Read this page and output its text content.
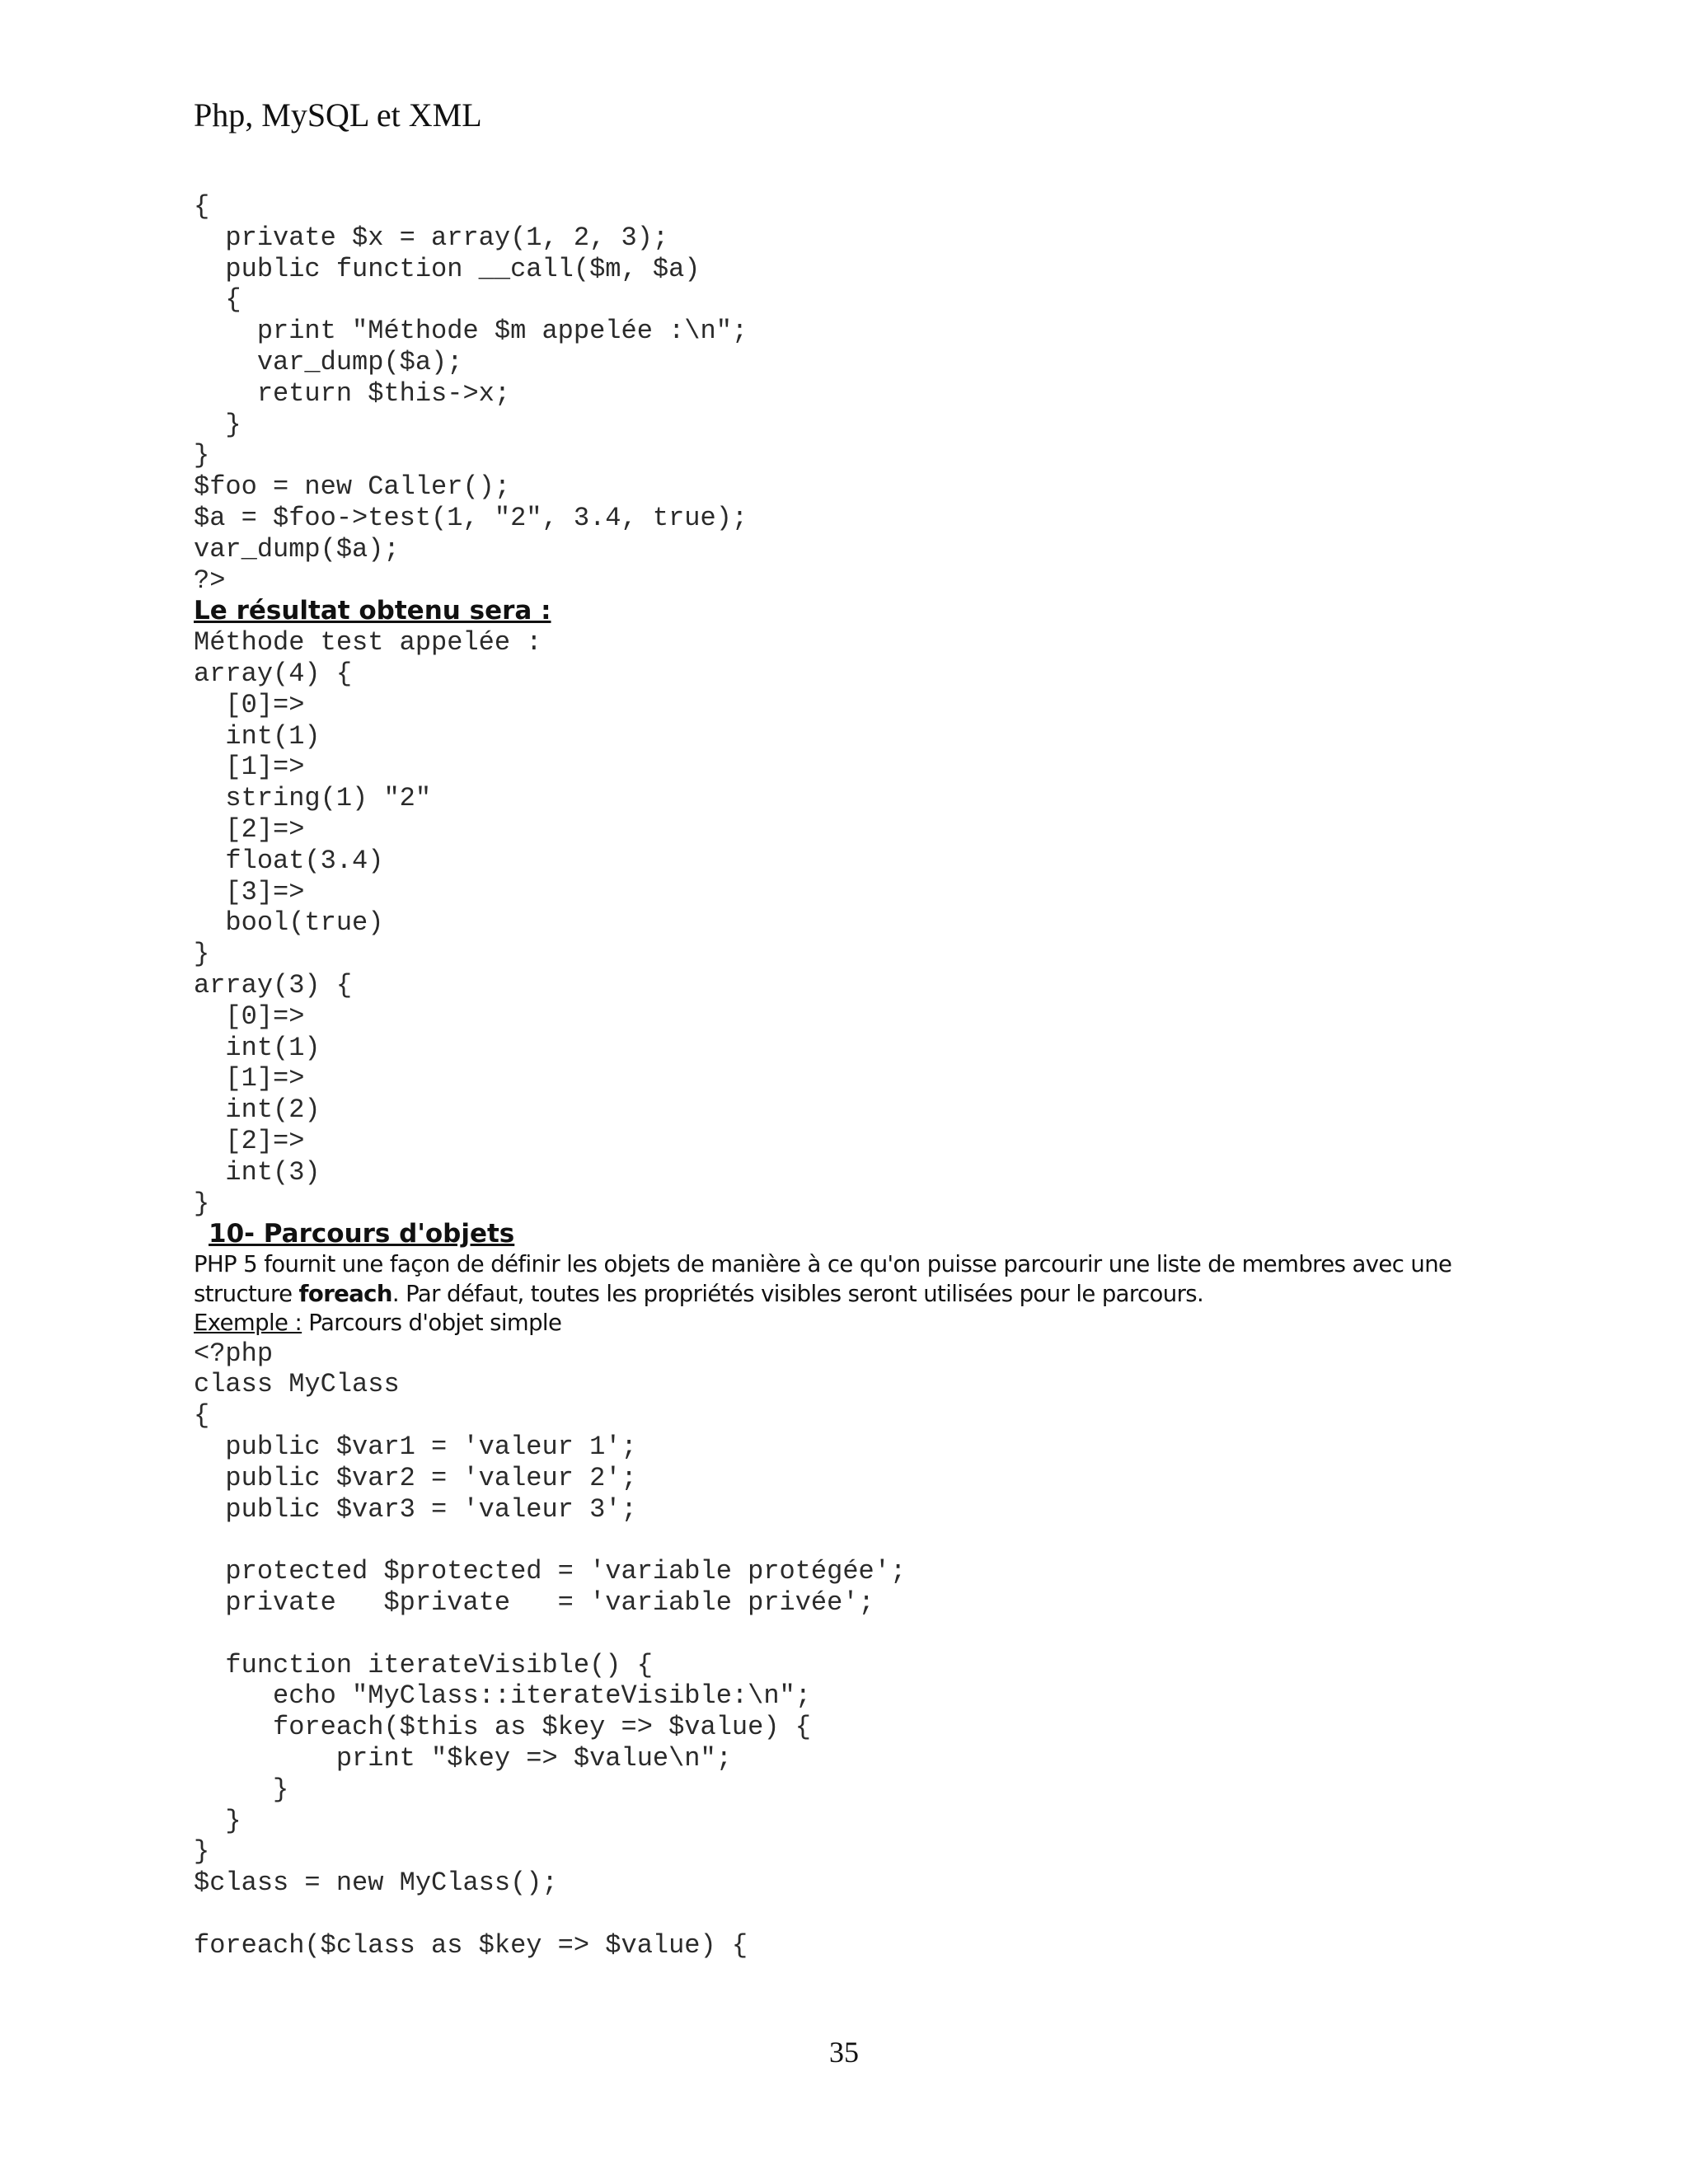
Php, MySQL et XML
{
private $x = array(1, 2, 3);
public function __call($m, $a)
{
print "Méthode $m appelée :\n";
var_dump($a);
return $this->x;
}
}
$foo = new Caller();
$a = $foo->test(1, "2", 3.4, true);
var_dump($a);
?>
Le résultat obtenu sera :
Méthode test appelée :
array(4) {
[0]=>
int(1)
[1]=>
string(1) "2"
[2]=>
float(3.4)
[3]=>
bool(true)
}
array(3) {
[0]=>
int(1)
[1]=>
int(2)
[2]=>
int(3)
}
10- Parcours d'objets
PHP 5 fournit une façon de définir les objets de manière à ce qu'on puisse parcourir une liste de membres avec une
structure foreach. Par défaut, toutes les propriétés visibles seront utilisées pour le parcours.
Exemple : Parcours d'objet simple
<?php
class MyClass
{
public $var1 = 'valeur 1';
public $var2 = 'valeur 2';
public $var3 = 'valeur 3';
protected $protected = 'variable protégée';
private   $private   = 'variable privée';
function iterateVisible() {
echo "MyClass::iterateVisible:\n";
foreach($this as $key => $value) {
print "$key => $value\n";
}
}
}
$class = new MyClass();
foreach($class as $key => $value) {
35
